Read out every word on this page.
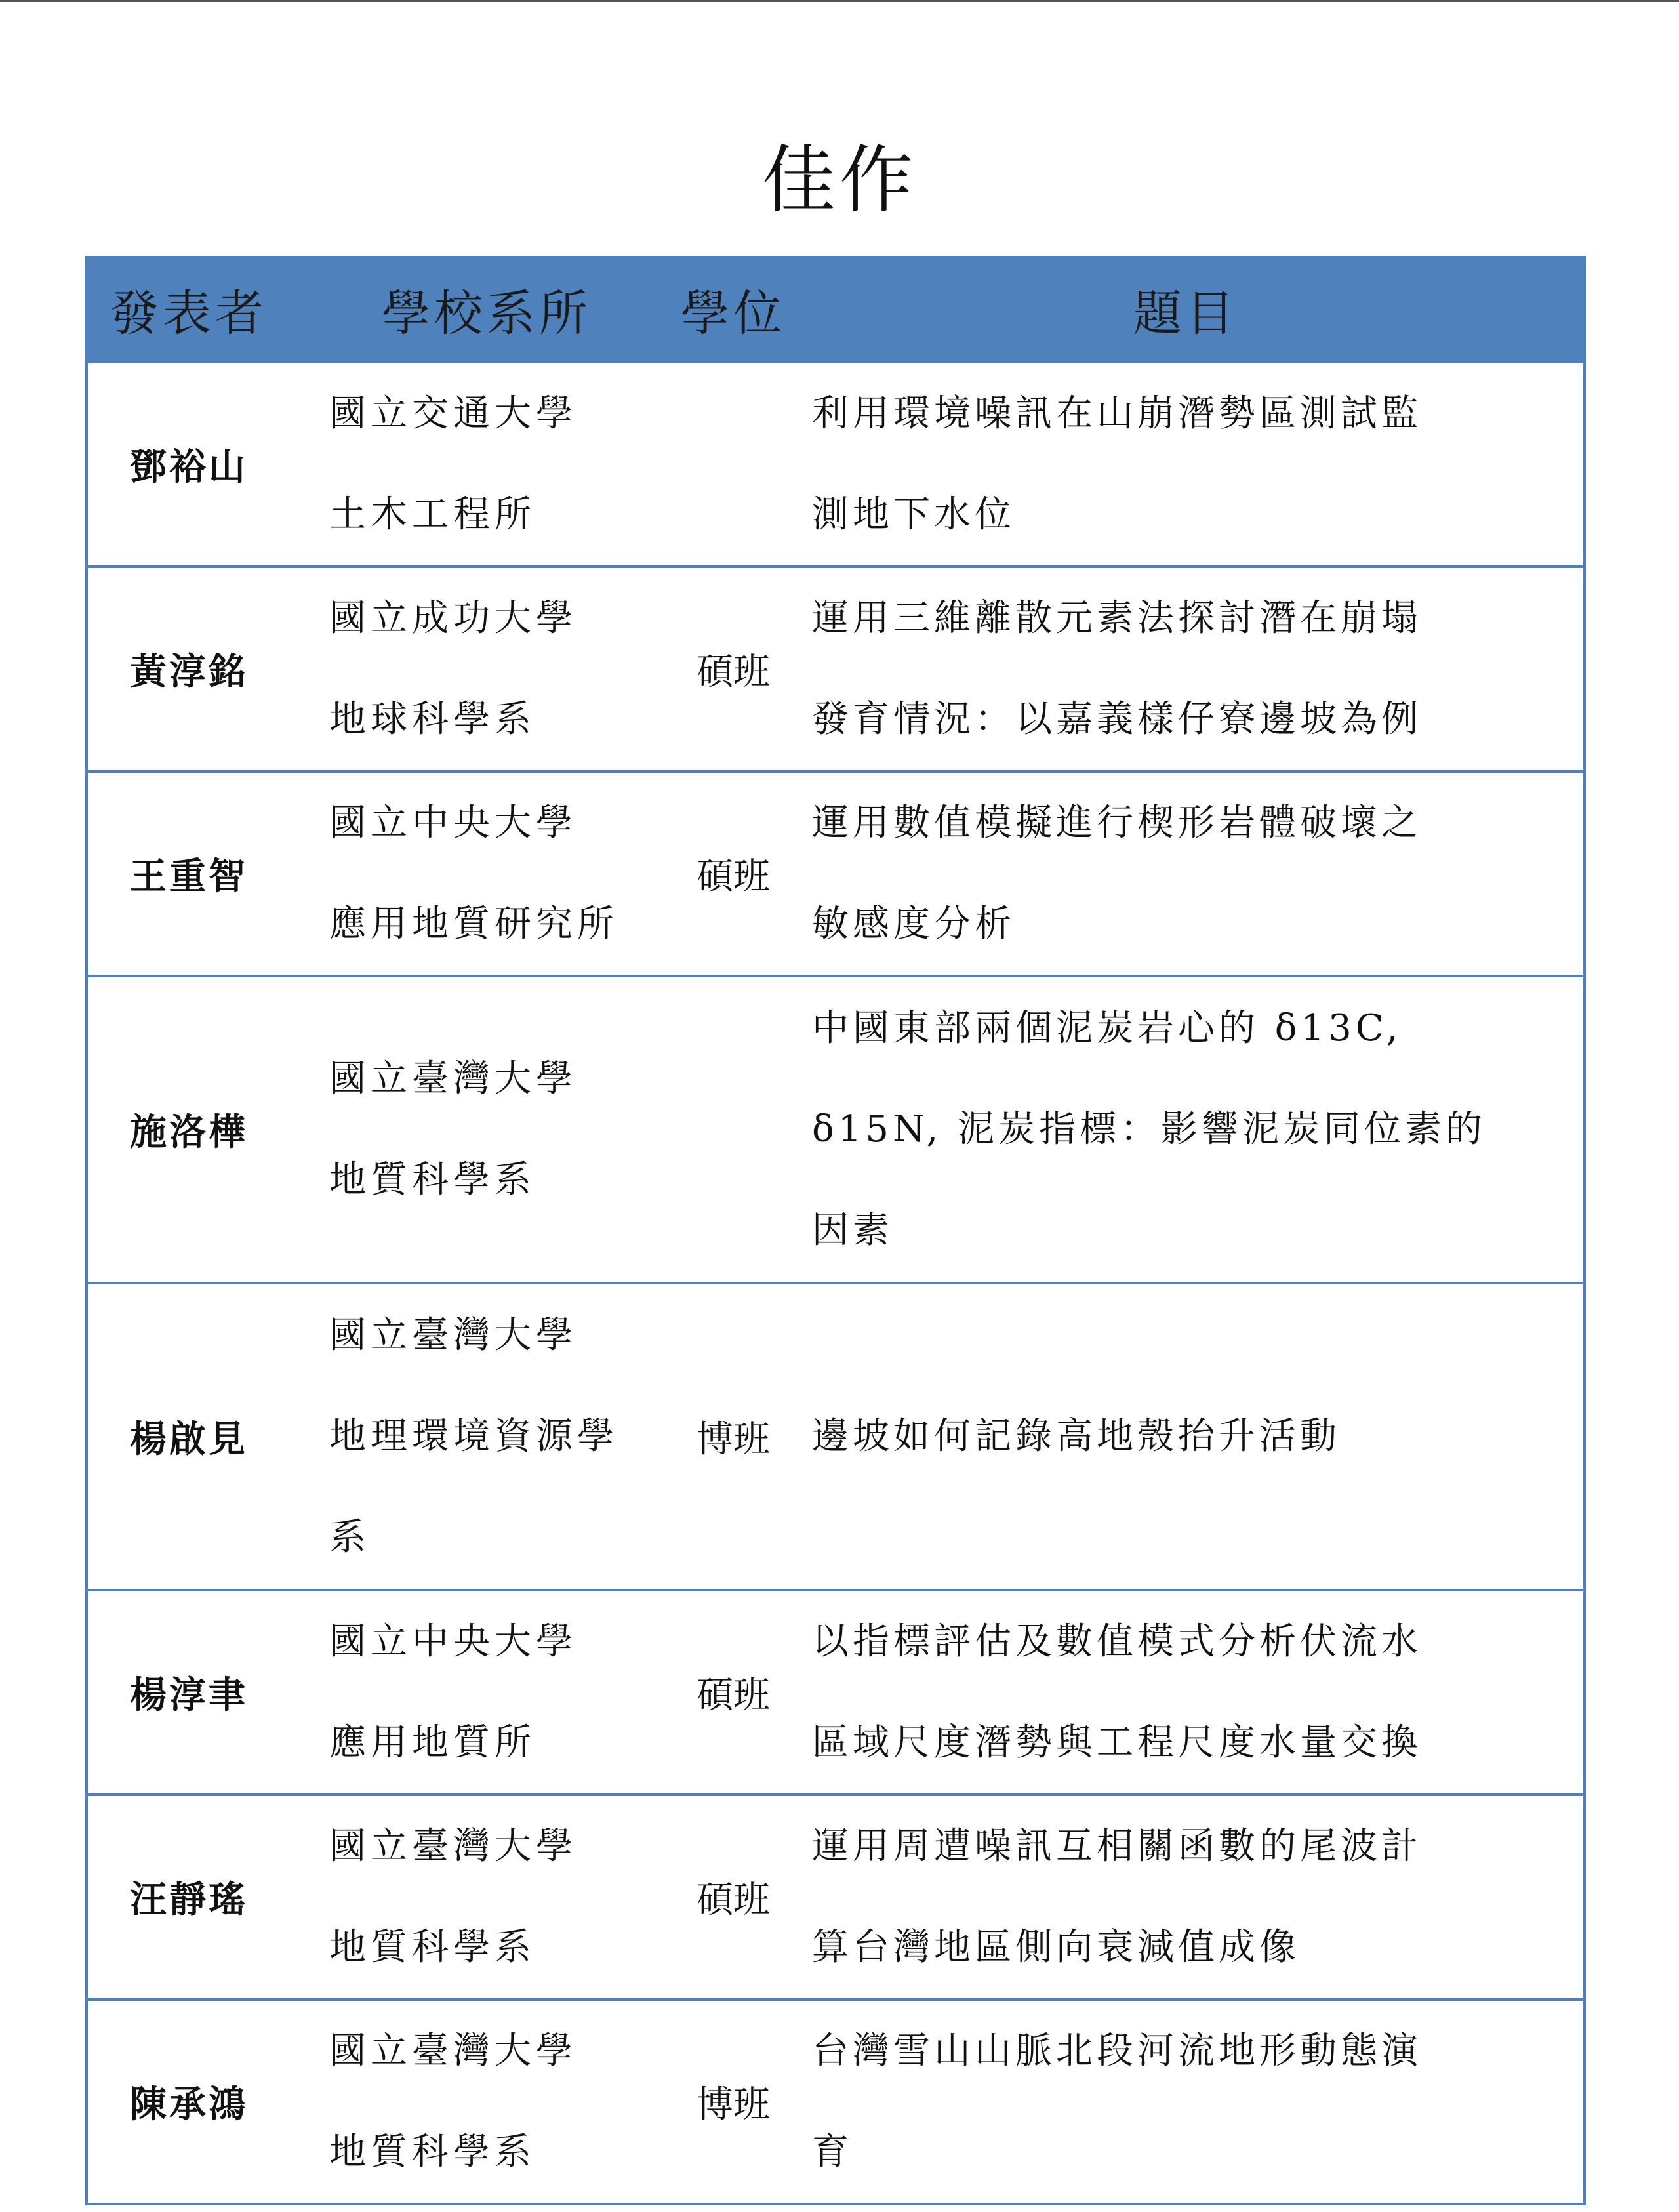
佳作
發表者	學校系所	學位	題目
鄧裕山	國立交通大學
土木工程所		利用環境噪訊在山崩潛勢區測試監
測地下水位

黃淳銘	國立成功大學
地球科學系	碩班	運用三維離散元素法探討潛在崩塌
發育情況：以嘉義樣仔寮邊坡為例

王重智	國立中央大學
應用地質研究所	碩班	運用數值模擬進行楔形岩體破壞之
敏感度分析

施洛樺	國立臺灣大學
地質科學系		中國東部兩個泥炭岩心的 δ13C,
δ15N, 泥炭指標：影響泥炭同位素的
因素

楊啟見	國立臺灣大學
地理環境資源學
系	博班	邊坡如何記錄高地殼抬升活動

楊淳聿	國立中央大學
應用地質所	碩班	以指標評估及數值模式分析伏流水
區域尺度潛勢與工程尺度水量交換

汪靜瑤	國立臺灣大學
地質科學系	碩班	運用周遭噪訊互相關函數的尾波計
算台灣地區側向衰減值成像

陳承鴻	國立臺灣大學
地質科學系	博班	台灣雪山山脈北段河流地形動態演
育
